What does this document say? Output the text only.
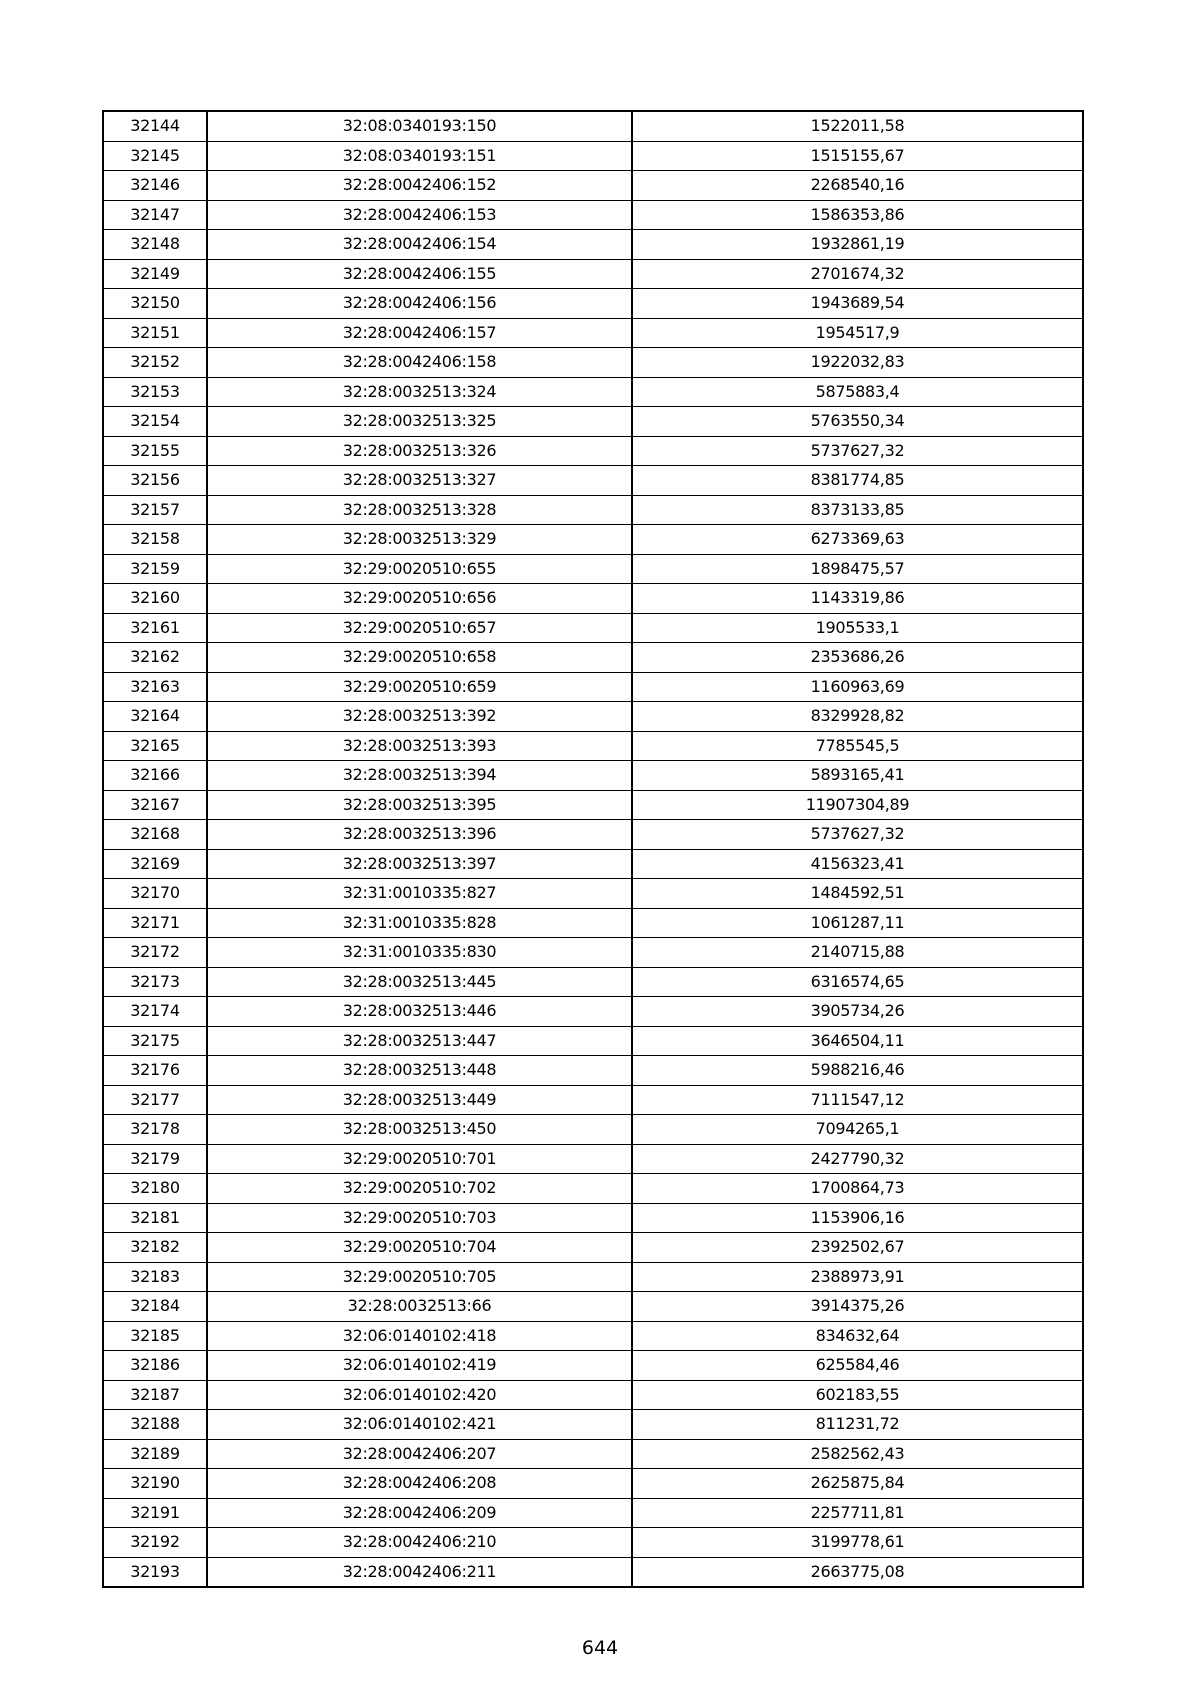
32144	32:08:0340193:150	1522011,58
32145	32:08:0340193:151	1515155,67
32146	32:28:0042406:152	2268540,16
32147	32:28:0042406:153	1586353,86
32148	32:28:0042406:154	1932861,19
32149	32:28:0042406:155	2701674,32
32150	32:28:0042406:156	1943689,54
32151	32:28:0042406:157	1954517,9
32152	32:28:0042406:158	1922032,83
32153	32:28:0032513:324	5875883,4
32154	32:28:0032513:325	5763550,34
32155	32:28:0032513:326	5737627,32
32156	32:28:0032513:327	8381774,85
32157	32:28:0032513:328	8373133,85
32158	32:28:0032513:329	6273369,63
32159	32:29:0020510:655	1898475,57
32160	32:29:0020510:656	1143319,86
32161	32:29:0020510:657	1905533,1
32162	32:29:0020510:658	2353686,26
32163	32:29:0020510:659	1160963,69
32164	32:28:0032513:392	8329928,82
32165	32:28:0032513:393	7785545,5
32166	32:28:0032513:394	5893165,41
32167	32:28:0032513:395	11907304,89
32168	32:28:0032513:396	5737627,32
32169	32:28:0032513:397	4156323,41
32170	32:31:0010335:827	1484592,51
32171	32:31:0010335:828	1061287,11
32172	32:31:0010335:830	2140715,88
32173	32:28:0032513:445	6316574,65
32174	32:28:0032513:446	3905734,26
32175	32:28:0032513:447	3646504,11
32176	32:28:0032513:448	5988216,46
32177	32:28:0032513:449	7111547,12
32178	32:28:0032513:450	7094265,1
32179	32:29:0020510:701	2427790,32
32180	32:29:0020510:702	1700864,73
32181	32:29:0020510:703	1153906,16
32182	32:29:0020510:704	2392502,67
32183	32:29:0020510:705	2388973,91
32184	32:28:0032513:66	3914375,26
32185	32:06:0140102:418	834632,64
32186	32:06:0140102:419	625584,46
32187	32:06:0140102:420	602183,55
32188	32:06:0140102:421	811231,72
32189	32:28:0042406:207	2582562,43
32190	32:28:0042406:208	2625875,84
32191	32:28:0042406:209	2257711,81
32192	32:28:0042406:210	3199778,61
32193	32:28:0042406:211	2663775,08
644
